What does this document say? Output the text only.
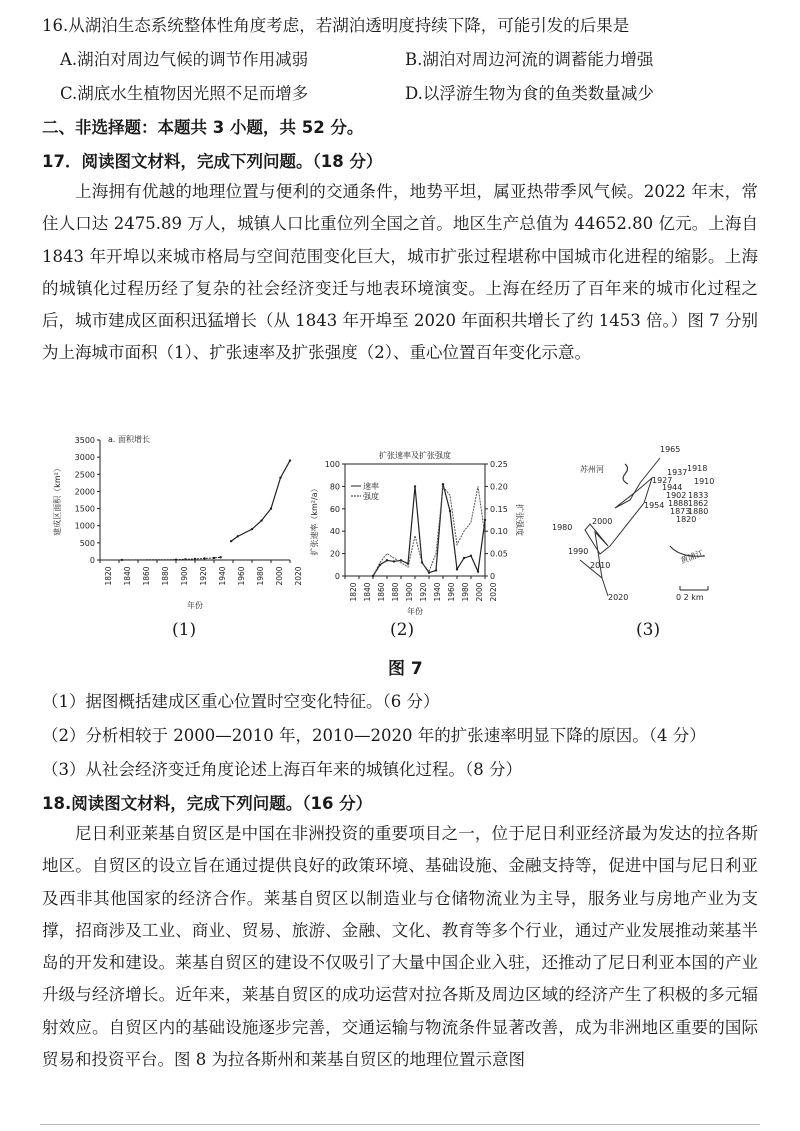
16.从湖泊生态系统整体性角度考虑，若湖泊透明度持续下降，可能引发的后果是
A.湖泊对周边气候的调节作用减弱	B.湖泊对周边河流的调蓄能力增强
C.湖底水生植物因光照不足而增多	D.以浮游生物为食的鱼类数量减少
二、非选择题：本题共 3 小题，共 52 分。
17．阅读图文材料，完成下列问题。（18 分）
上海拥有优越的地理位置与便利的交通条件，地势平坦，属亚热带季风气候。2022 年末，常住人口达 2475.89 万人，城镇人口比重位列全国之首。地区生产总值为 44652.80 亿元。上海自 1843 年开埠以来城市格局与空间范围变化巨大，城市扩张过程堪称中国城市化进程的缩影。上海的城镇化过程历经了复杂的社会经济变迁与地表环境演变。上海在经历了百年来的城市化过程之后，城市建成区面积迅猛增长（从 1843 年开埠至 2020 年面积共增长了约 1453 倍。）图 7 分别为上海城市面积（1）、扩张速率及扩张强度（2）、重心位置百年变化示意。
a. 面积增长
0
500
1000
1500
2000
2500
3000
3500
1820 1840 1860 1880 1900 1920 1940 1960 1980 2000 2020
年份
建成区面积（km²）
扩张速率及扩张强度
0
20
40
60
80
100
0
0.05
0.10
0.15
0.20
0.25
1820 1840 1860 1880 1900 1920 1940 1960 1980 2000 2020
年份
扩张速率（km²/a）	扩张强度
速率
强度
苏州河
黄浦江
1965
1937 1918
1927	1910
1944
1902 1833
1954 1888 1862
1873
1820
1880
2000
1980
1990
2010
2020	0 2 km
(1)	(2)	(3)
图 7
（1）据图概括建成区重心位置时空变化特征。（6 分）
（2）分析相较于 2000—2010 年，2010—2020 年的扩张速率明显下降的原因。（4 分）
（3）从社会经济变迁角度论述上海百年来的城镇化过程。（8 分）
18.阅读图文材料，完成下列问题。（16 分）
尼日利亚莱基自贸区是中国在非洲投资的重要项目之一，位于尼日利亚经济最为发达的拉各斯地区。自贸区的设立旨在通过提供良好的政策环境、基础设施、金融支持等，促进中国与尼日利亚及西非其他国家的经济合作。莱基自贸区以制造业与仓储物流业为主导，服务业与房地产业为支撑，招商涉及工业、商业、贸易、旅游、金融、文化、教育等多个行业，通过产业发展推动莱基半岛的开发和建设。莱基自贸区的建设不仅吸引了大量中国企业入驻，还推动了尼日利亚本国的产业升级与经济增长。近年来，莱基自贸区的成功运营对拉各斯及周边区域的经济产生了积极的多元辐射效应。自贸区内的基础设施逐步完善，交通运输与物流条件显著改善，成为非洲地区重要的国际贸易和投资平台。图 8 为拉各斯州和莱基自贸区的地理位置示意图
